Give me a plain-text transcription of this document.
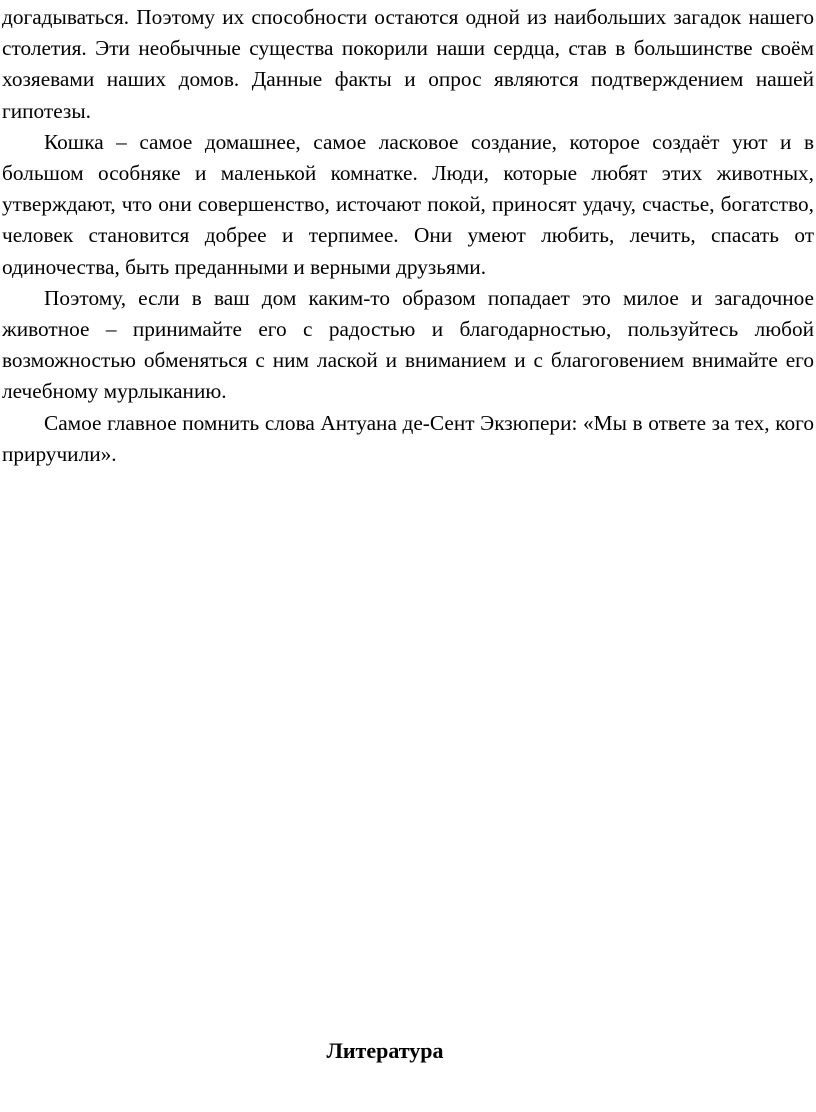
догадываться. Поэтому их способности остаются одной из наибольших загадок нашего столетия. Эти необычные существа покорили наши сердца, став в большинстве своём хозяевами наших домов. Данные факты и опрос являются подтверждением нашей гипотезы.

Кошка – самое домашнее, самое ласковое создание, которое создаёт уют и в большом особняке и маленькой комнатке. Люди, которые любят этих животных, утверждают, что они совершенство, источают покой, приносят удачу, счастье, богатство, человек становится добрее и терпимее. Они умеют любить, лечить, спасать от одиночества, быть преданными и верными друзьями.

Поэтому, если в ваш дом каким-то образом попадает это милое и загадочное животное – принимайте его с радостью и благодарностью, пользуйтесь любой возможностью обменяться с ним лаской и вниманием и с благоговением внимайте его лечебному мурлыканию.

Самое главное помнить слова Антуана де-Сент Экзюпери: «Мы в ответе за тех, кого приручили».

Литература
